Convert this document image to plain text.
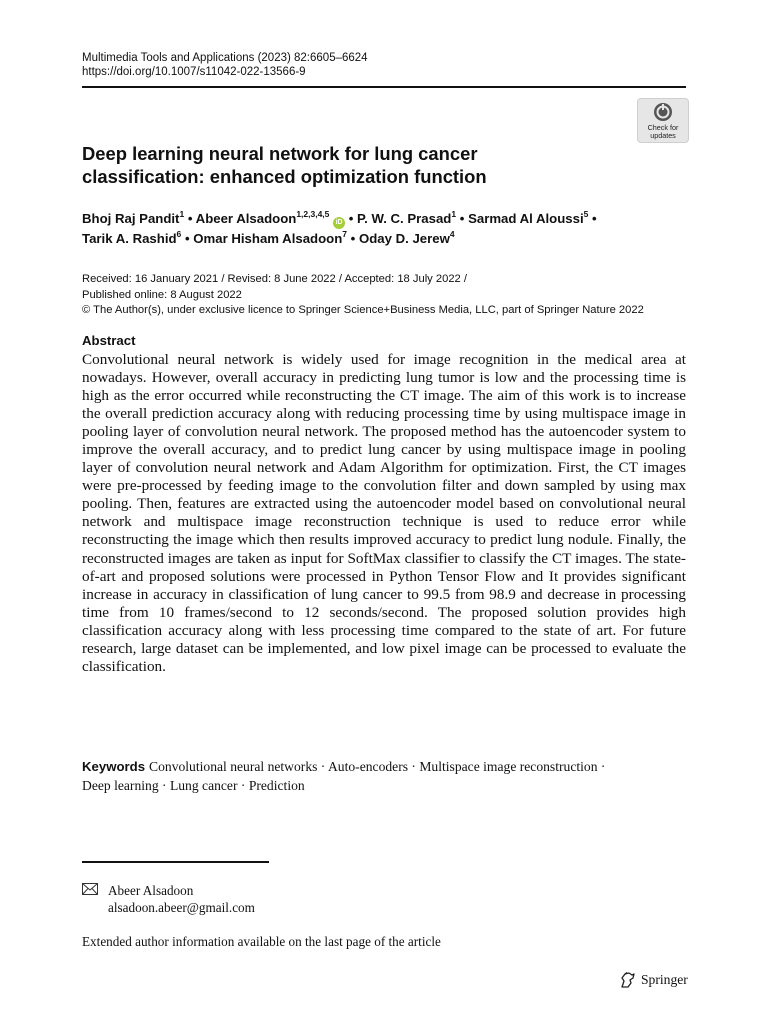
Multimedia Tools and Applications (2023) 82:6605–6624
https://doi.org/10.1007/s11042-022-13566-9
Check for
updates
Deep learning neural network for lung cancer
classification: enhanced optimization function
Bhoj Raj Pandit$^1$ • Abeer Alsadoon$^{1,2,3,4,5}$ iD • P. W. C. Prasad$^1$ • Sarmad Al Aloussi$^5$ •
Tarik A. Rashid$^6$ • Omar Hisham Alsadoon$^7$ • Oday D. Jerew$^4$
Received: 16 January 2021 / Revised: 8 June 2022 / Accepted: 18 July 2022 /
Published online: 8 August 2022
© The Author(s), under exclusive licence to Springer Science+Business Media, LLC, part of Springer Nature 2022
Abstract
Convolutional neural network is widely used for image recognition in the medical area at nowadays. However, overall accuracy in predicting lung tumor is low and the processing time is high as the error occurred while reconstructing the CT image. The aim of this work is to increase the overall prediction accuracy along with reducing processing time by using multispace image in pooling layer of convolution neural network. The proposed method has the autoencoder system to improve the overall accuracy, and to predict lung cancer by using multispace image in pooling layer of convolution neural network and Adam Algorithm for optimization. First, the CT images were pre-processed by feeding image to the convolution filter and down sampled by using max pooling. Then, features are extracted using the autoencoder model based on convolutional neural network and multispace image reconstruction technique is used to reduce error while reconstructing the image which then results improved accuracy to predict lung nodule. Finally, the reconstructed images are taken as input for SoftMax classifier to classify the CT images. The state-of-art and proposed solutions were processed in Python Tensor Flow and It provides significant increase in accuracy in classification of lung cancer to 99.5 from 98.9 and decrease in processing time from 10 frames/second to 12 seconds/second. The proposed solution provides high classification accuracy along with less processing time compared to the state of art. For future research, large dataset can be implemented, and low pixel image can be processed to evaluate the classification.
Keywords Convolutional neural networks · Auto-encoders · Multispace image reconstruction ·
Deep learning · Lung cancer · Prediction
Abeer Alsadoon
alsadoon.abeer@gmail.com
Extended author information available on the last page of the article
Springer
